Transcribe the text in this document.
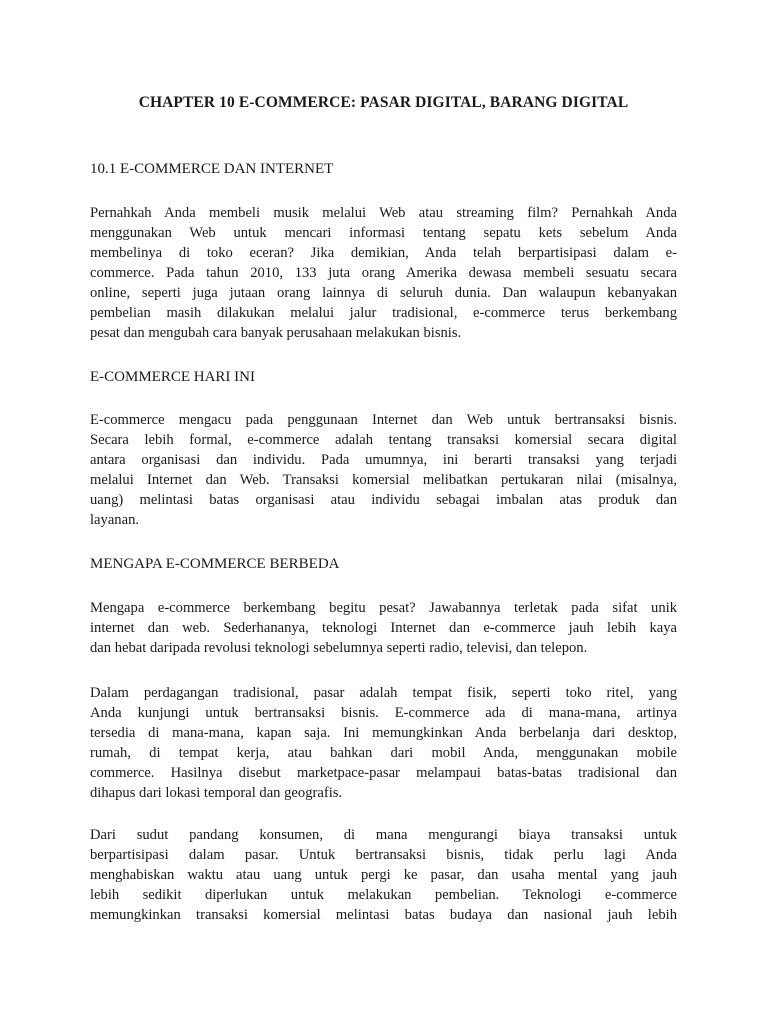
CHAPTER 10 E-COMMERCE: PASAR DIGITAL, BARANG DIGITAL
10.1 E-COMMERCE DAN INTERNET
Pernahkah Anda membeli musik melalui Web atau streaming film? Pernahkah Anda
menggunakan Web untuk mencari informasi tentang sepatu kets sebelum Anda
membelinya di toko eceran? Jika demikian, Anda telah berpartisipasi dalam e-
commerce. Pada tahun 2010, 133 juta orang Amerika dewasa membeli sesuatu secara
online, seperti juga jutaan orang lainnya di seluruh dunia. Dan walaupun kebanyakan
pembelian masih dilakukan melalui jalur tradisional, e-commerce terus berkembang
pesat dan mengubah cara banyak perusahaan melakukan bisnis.
E-COMMERCE HARI INI
E-commerce mengacu pada penggunaan Internet dan Web untuk bertransaksi bisnis.
Secara lebih formal, e-commerce adalah tentang transaksi komersial secara digital
antara organisasi dan individu. Pada umumnya, ini berarti transaksi yang terjadi
melalui Internet dan Web. Transaksi komersial melibatkan pertukaran nilai (misalnya,
uang) melintasi batas organisasi atau individu sebagai imbalan atas produk dan
layanan.
MENGAPA E-COMMERCE BERBEDA
Mengapa e-commerce berkembang begitu pesat? Jawabannya terletak pada sifat unik
internet dan web. Sederhananya, teknologi Internet dan e-commerce jauh lebih kaya
dan hebat daripada revolusi teknologi sebelumnya seperti radio, televisi, dan telepon.
Dalam perdagangan tradisional, pasar adalah tempat fisik, seperti toko ritel, yang
Anda kunjungi untuk bertransaksi bisnis. E-commerce ada di mana-mana, artinya
tersedia di mana-mana, kapan saja. Ini memungkinkan Anda berbelanja dari desktop,
rumah, di tempat kerja, atau bahkan dari mobil Anda, menggunakan mobile
commerce. Hasilnya disebut marketpace-pasar melampaui batas-batas tradisional dan
dihapus dari lokasi temporal dan geografis.
Dari sudut pandang konsumen, di mana mengurangi biaya transaksi untuk
berpartisipasi dalam pasar. Untuk bertransaksi bisnis, tidak perlu lagi Anda
menghabiskan waktu atau uang untuk pergi ke pasar, dan usaha mental yang jauh
lebih sedikit diperlukan untuk melakukan pembelian. Teknologi e-commerce
memungkinkan transaksi komersial melintasi batas budaya dan nasional jauh lebih
